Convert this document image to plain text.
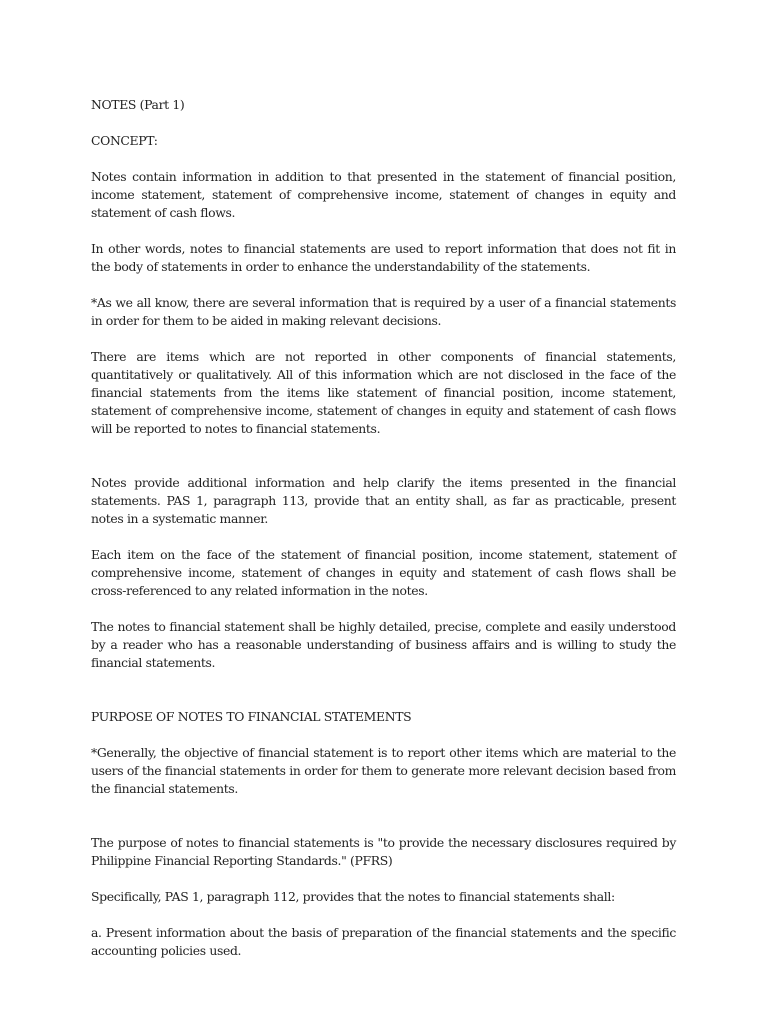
NOTES (Part 1)

CONCEPT:

Notes contain information in addition to that presented in the statement of financial position, income statement, statement of comprehensive income, statement of changes in equity and statement of cash flows.

In other words, notes to financial statements are used to report information that does not fit in the body of statements in order to enhance the understandability of the statements.

*As we all know, there are several information that is required by a user of a financial statements in order for them to be aided in making relevant decisions.

There are items which are not reported in other components of financial statements, quantitatively or qualitatively. All of this information which are not disclosed in the face of the financial statements from the items like statement of financial position, income statement, statement of comprehensive income, statement of changes in equity and statement of cash flows will be reported to notes to financial statements.

Notes provide additional information and help clarify the items presented in the financial statements. PAS 1, paragraph 113, provide that an entity shall, as far as practicable, present notes in a systematic manner.

Each item on the face of the statement of financial position, income statement, statement of comprehensive income, statement of changes in equity and statement of cash flows shall be cross-referenced to any related information in the notes.

The notes to financial statement shall be highly detailed, precise, complete and easily understood by a reader who has a reasonable understanding of business affairs and is willing to study the financial statements.

PURPOSE OF NOTES TO FINANCIAL STATEMENTS

*Generally, the objective of financial statement is to report other items which are material to the users of the financial statements in order for them to generate more relevant decision based from the financial statements.

The purpose of notes to financial statements is "to provide the necessary disclosures required by Philippine Financial Reporting Standards." (PFRS)

Specifically, PAS 1, paragraph 112, provides that the notes to financial statements shall:

a. Present information about the basis of preparation of the financial statements and the specific accounting policies used.
